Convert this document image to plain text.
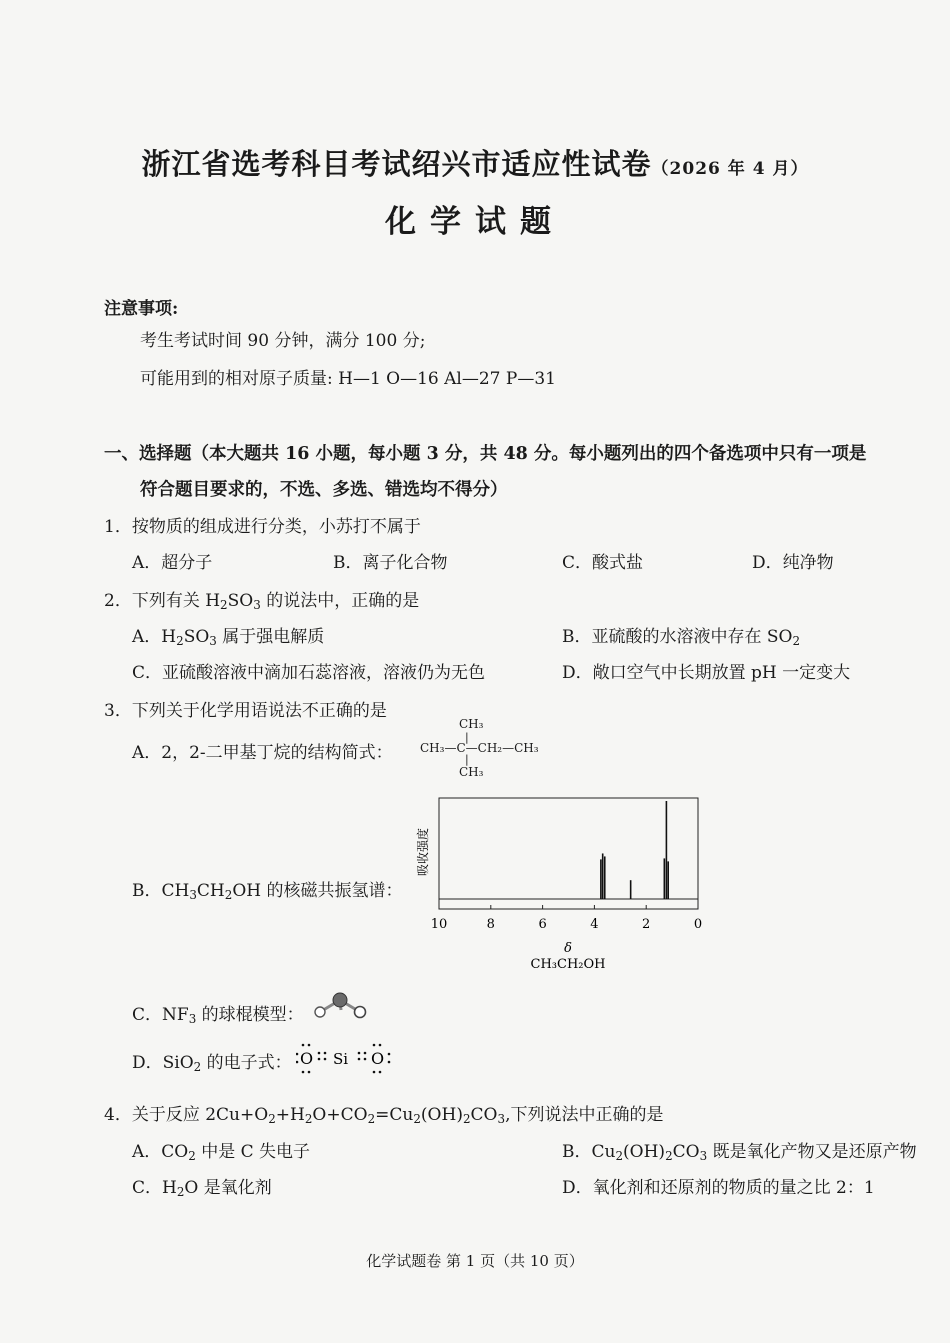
浙江省选考科目考试绍兴市适应性试卷（2026 年 4 月）
化学试题
注意事项:
考生考试时间 90 分钟，满分 100 分;
可能用到的相对原子质量: H—1 O—16 Al—27 P—31
一、选择题（本大题共 16 小题，每小题 3 分，共 48 分。每小题列出的四个备选项中只有一项是
符合题目要求的，不选、多选、错选均不得分）
1．按物质的组成进行分类，小苏打不属于
A．超分子	B．离子化合物	C．酸式盐	D．纯净物
2．下列有关 $H_2SO_3$ 的说法中，正确的是
A．$H_2SO_3$ 属于强电解质	B．亚硫酸的水溶液中存在 $SO_2$
C．亚硫酸溶液中滴加石蕊溶液，溶液仍为无色	D．敞口空气中长期放置 pH 一定变大
3．下列关于化学用语说法不正确的是
A．2，2-二甲基丁烷的结构简式：
CH₃
|
CH₃—C—CH₂—CH₃
|
CH₃
B．$CH_3CH_2OH$ 的核磁共振氢谱：
吸收强度
10	8	6	4	2	0
δ
CH₃CH₂OH
C．$NF_3$ 的球棍模型：
D．SiO$_2$ 的电子式： O Si O
4．关于反应 $2Cu+O_2+H_2O+CO_2=Cu_2(OH)_2CO_3$,下列说法中正确的是
A．$CO_2$ 中是 C 失电子	B．$Cu_2(OH)_2CO_3$ 既是氧化产物又是还原产物
C．$H_2O$ 是氧化剂	D．氧化剂和还原剂的物质的量之比 2：1
化学试题卷 第 1 页（共 10 页）
